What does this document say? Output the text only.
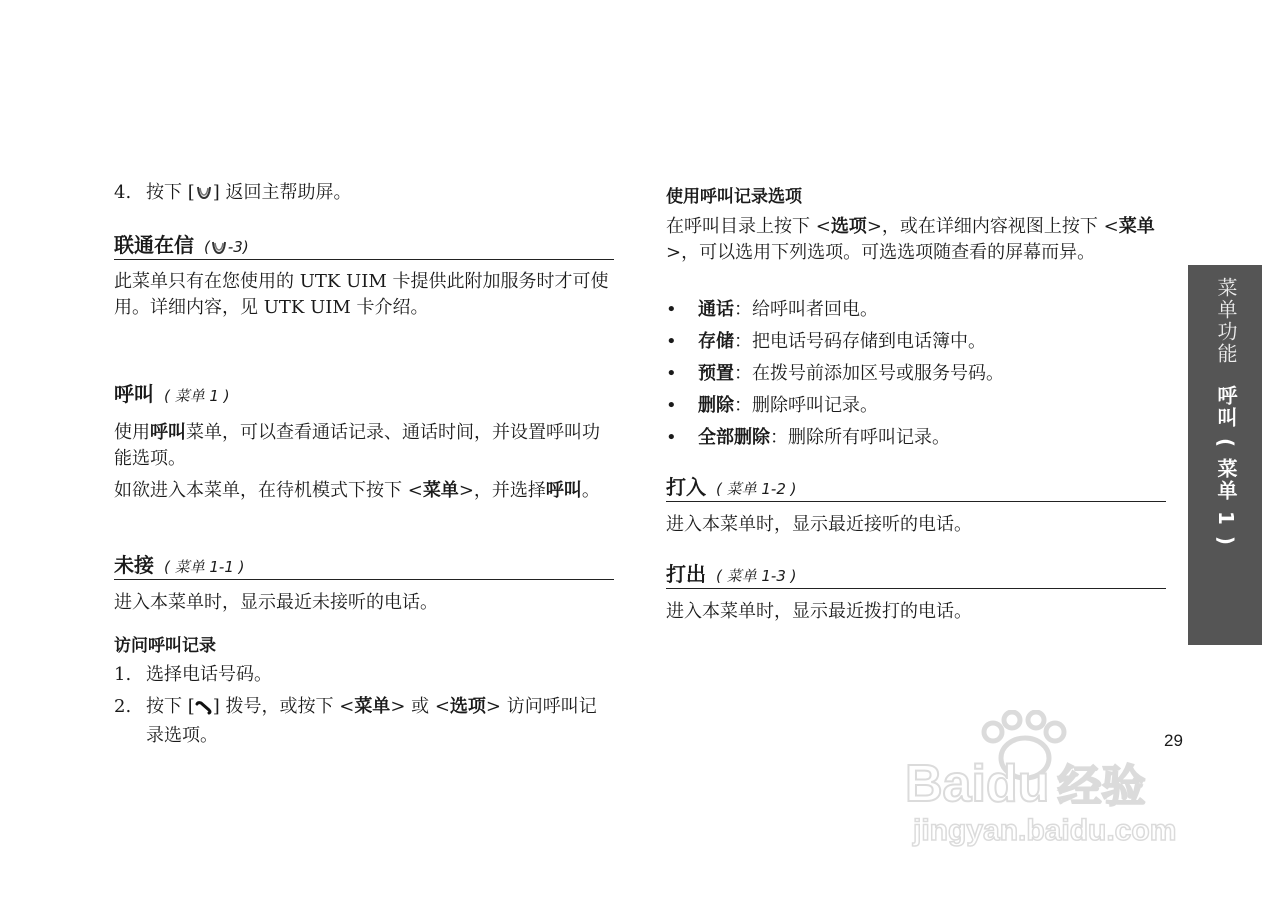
4. 按下 [ ] 返回主帮助屏。
联通在信 ( -3)
此菜单只有在您使用的 UTK UIM 卡提供此附加服务时才可使用。详细内容，见 UTK UIM 卡介绍。
呼叫 ( 菜单 1 )
使用呼叫菜单，可以查看通话记录、通话时间，并设置呼叫功能选项。
如欲进入本菜单，在待机模式下按下 <菜单>，并选择呼叫。
未接 ( 菜单 1-1 )
进入本菜单时，显示最近未接听的电话。
访问呼叫记录
1. 选择电话号码。
2. 按下 [ ] 拨号，或按下 <菜单> 或 <选项> 访问呼叫记录选项。
使用呼叫记录选项
在呼叫目录上按下 <选项>，或在详细内容视图上按下 <菜单>，可以选用下列选项。可选选项随查看的屏幕而异。
• 通话：给呼叫者回电。
• 存储：把电话号码存储到电话簿中。
• 预置：在拨号前添加区号或服务号码。
• 删除：删除呼叫记录。
• 全部删除：删除所有呼叫记录。
打入 ( 菜单 1-2 )
进入本菜单时，显示最近接听的电话。
打出 ( 菜单 1-3 )
进入本菜单时，显示最近拨打的电话。
菜单功能呼叫 ( 菜单 1 )
29
Baidu 经验
jingyan.baidu.com
